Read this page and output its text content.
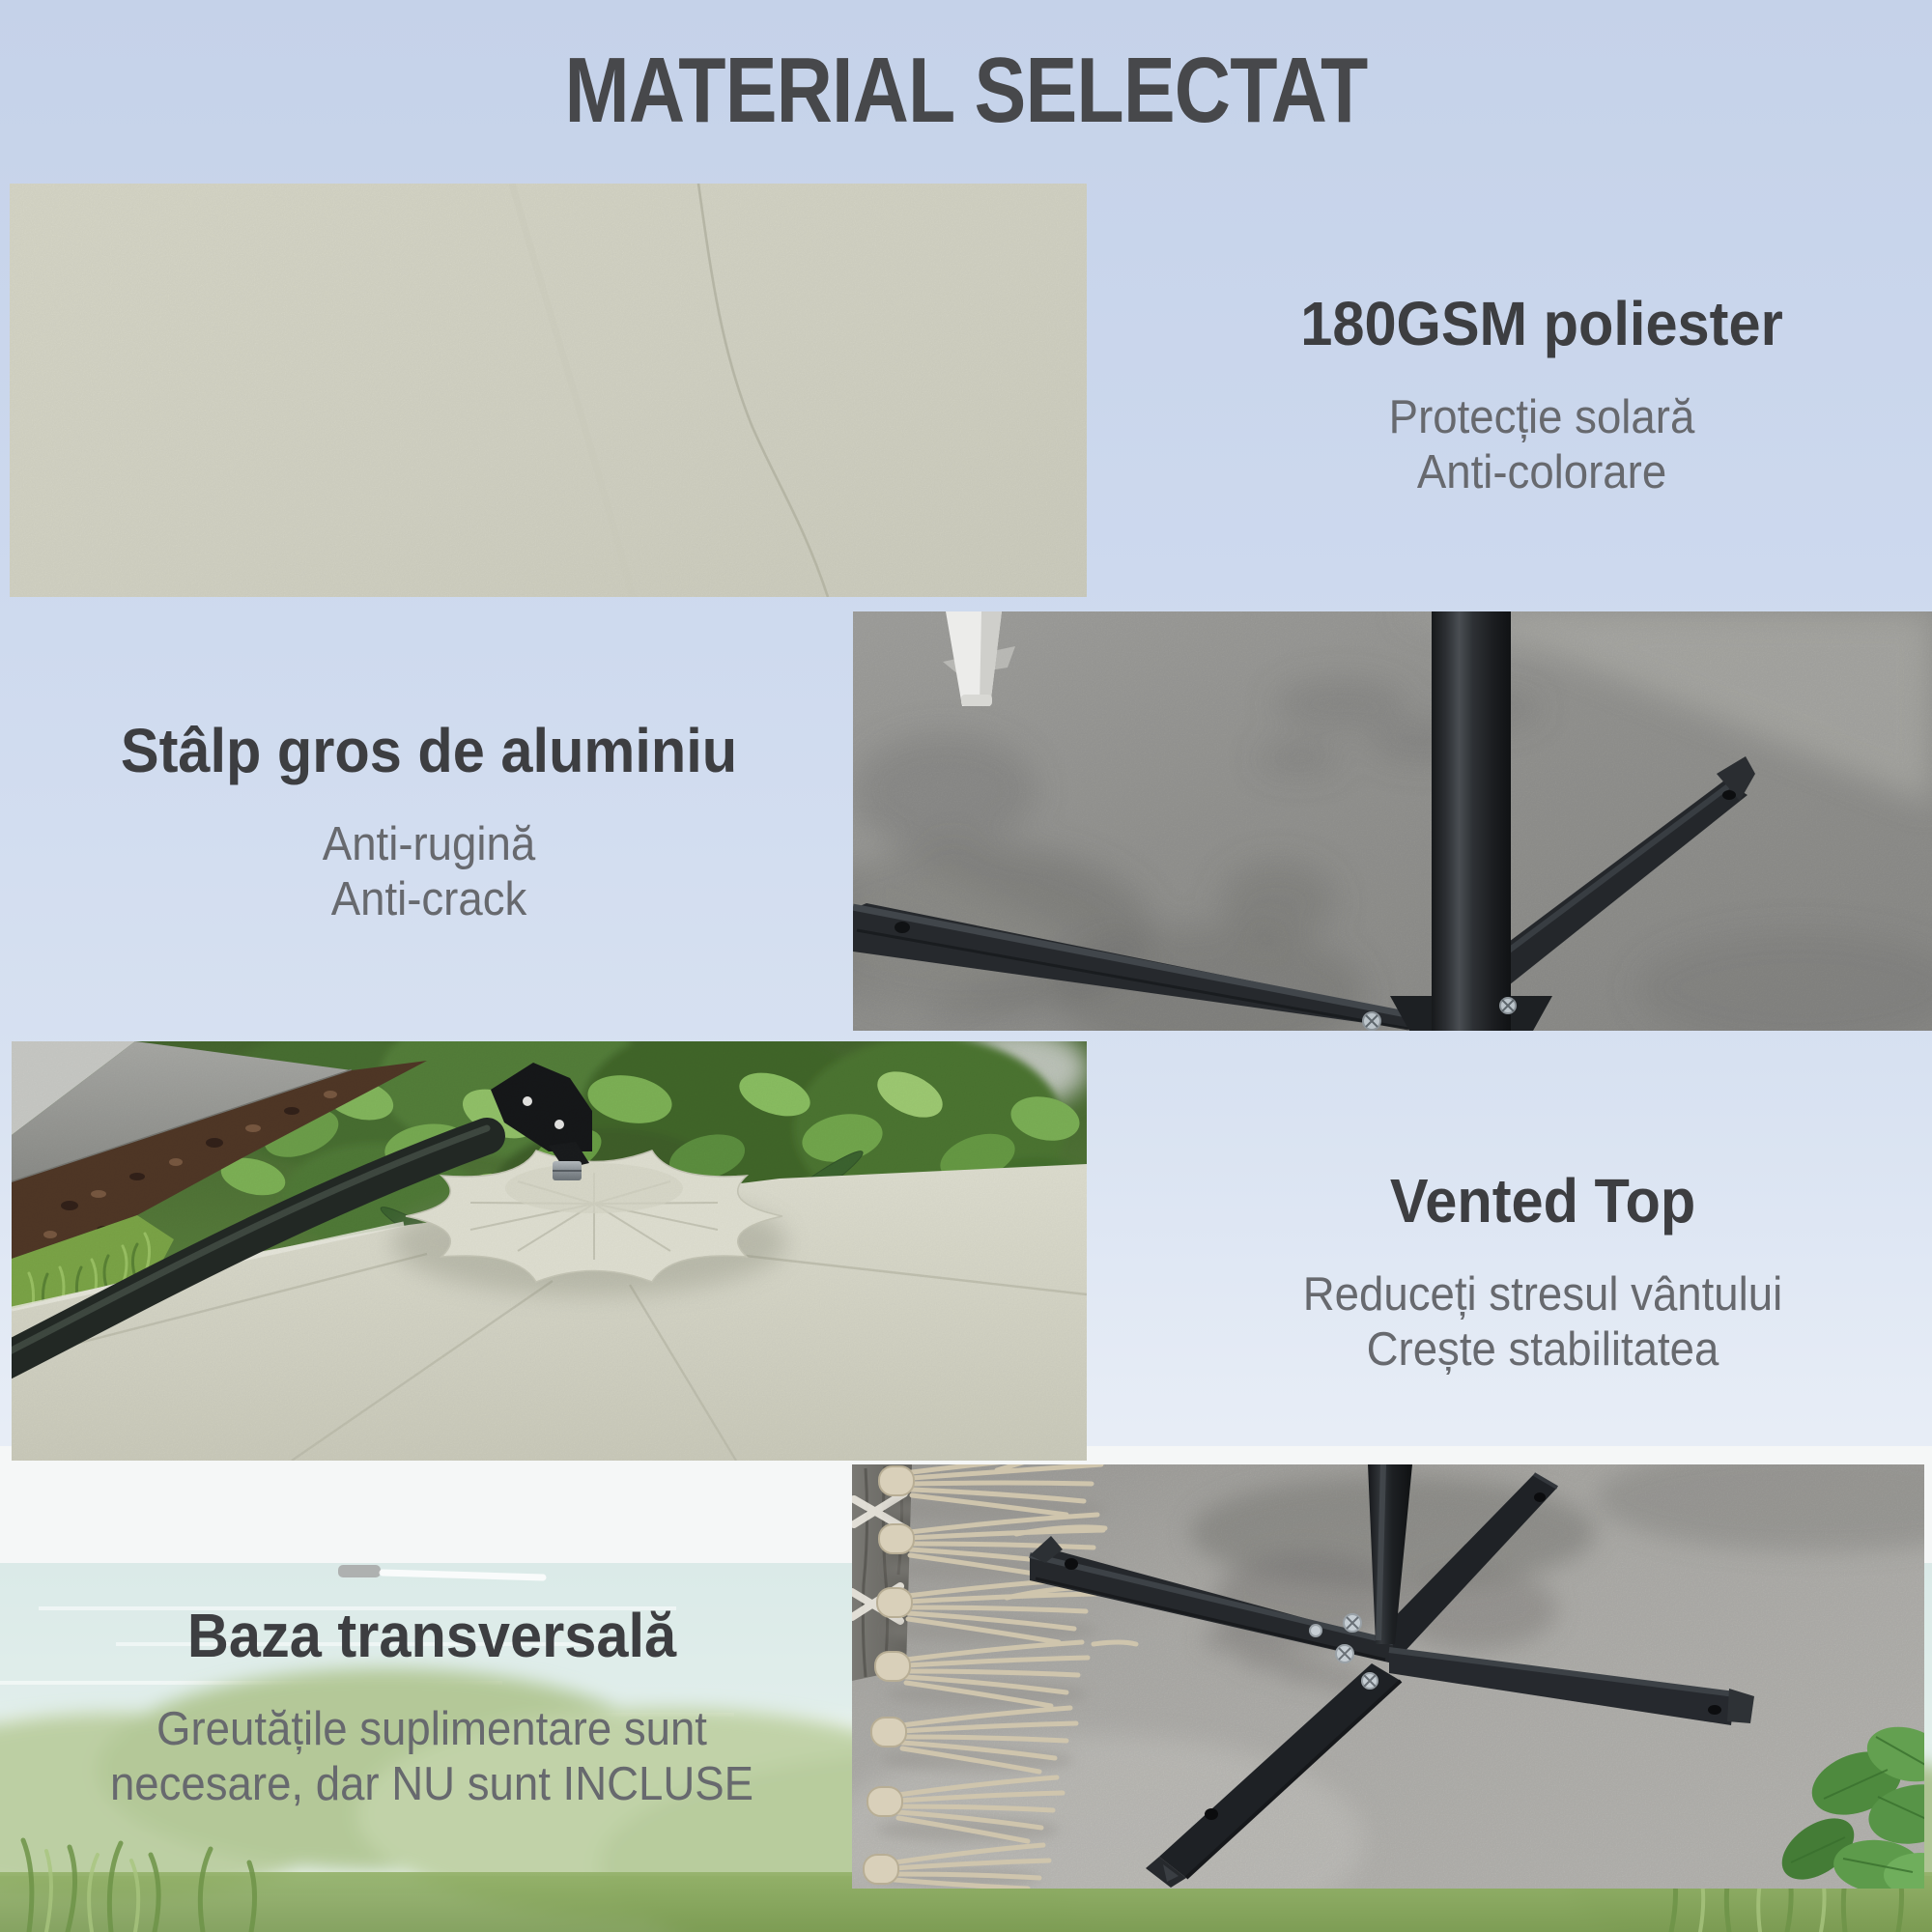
MATERIAL SELECTAT
180GSM poliester

Protecție solară

Anti-colorare

Stâlp gros de aluminiu

Anti-rugină

Anti-crack

Vented Top

Reduceți stresul vântului

Crește stabilitatea

Baza transversală

Greutățile suplimentare sunt

necesare, dar NU sunt INCLUSE
